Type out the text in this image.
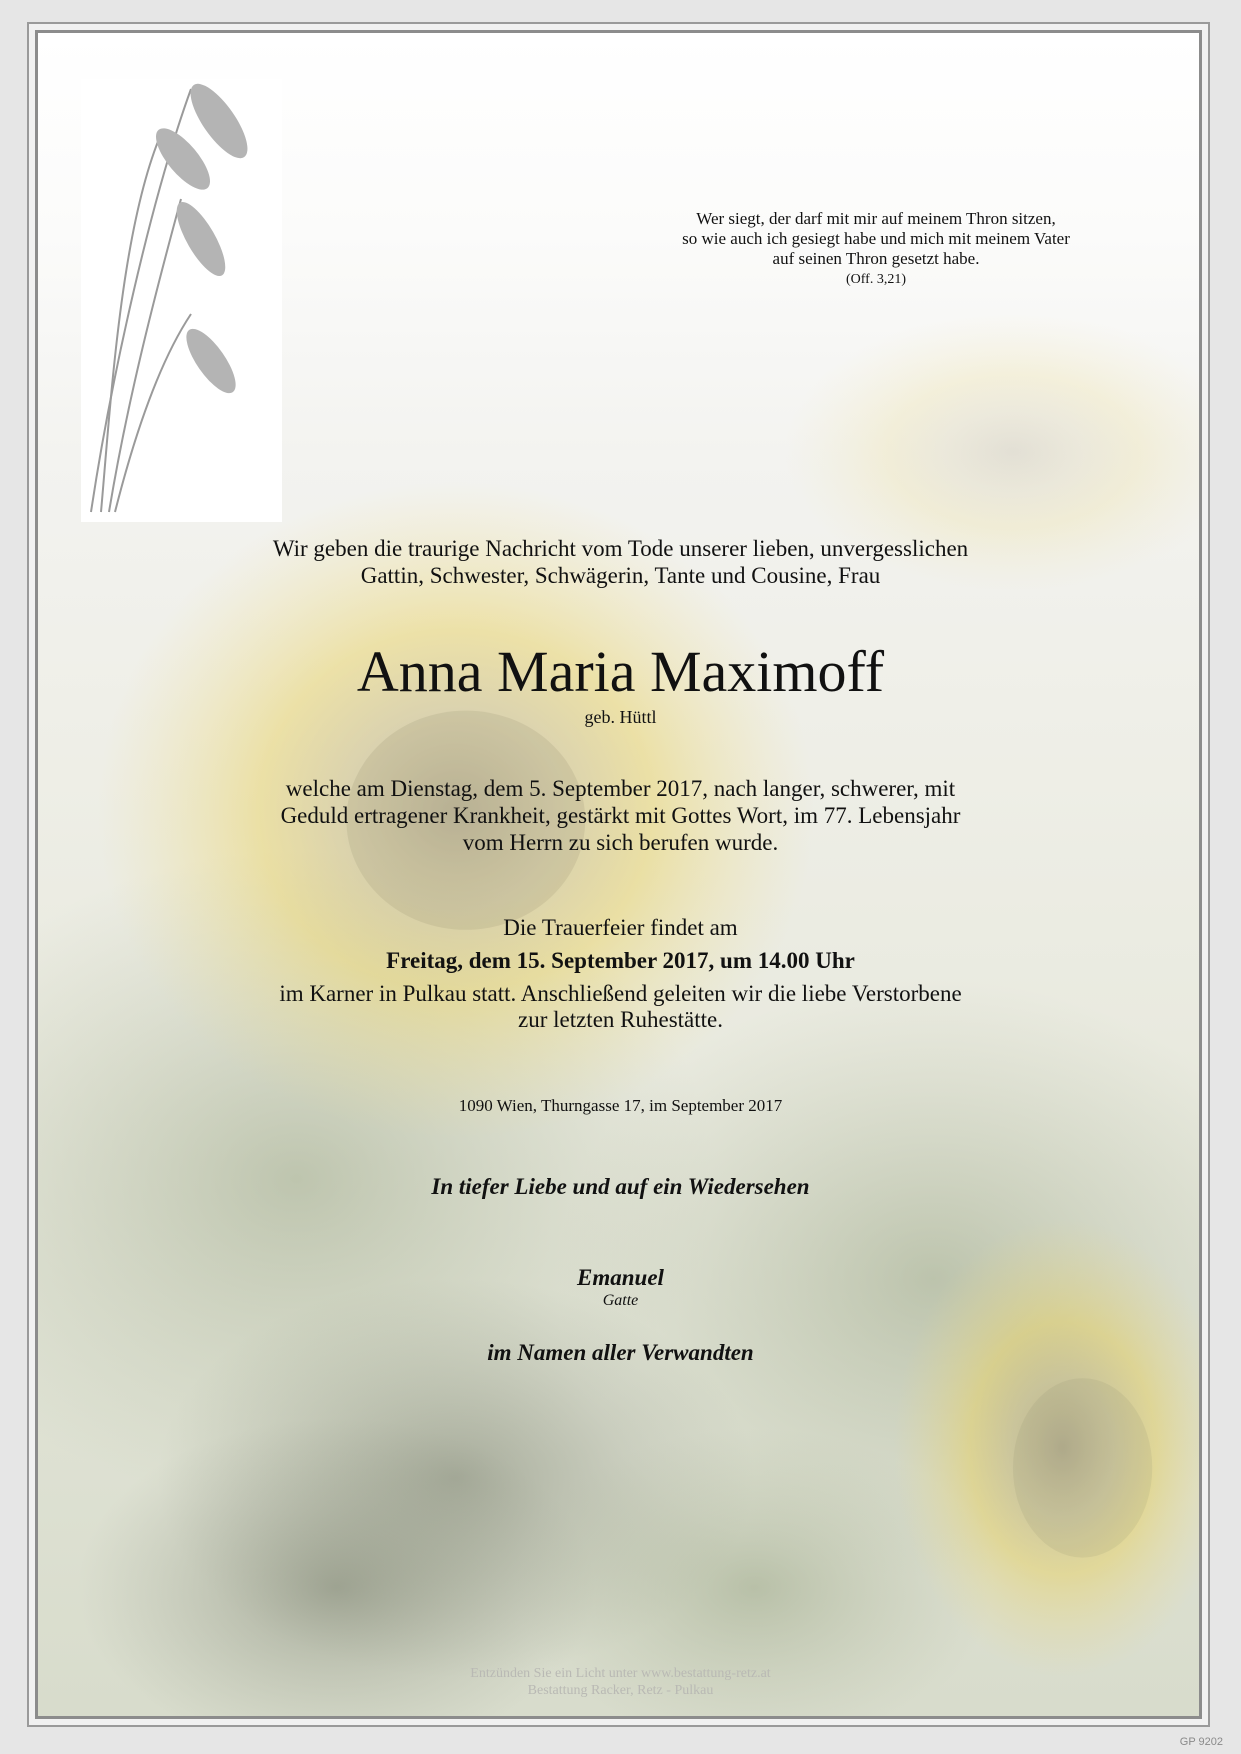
Wer siegt, der darf mit mir auf meinem Thron sitzen,
so wie auch ich gesiegt habe und mich mit meinem Vater
auf seinen Thron gesetzt habe.
(Off. 3,21)
Wir geben die traurige Nachricht vom Tode unserer lieben, unvergesslichen
Gattin, Schwester, Schwägerin, Tante und Cousine, Frau
Anna Maria Maximoff
geb. Hüttl
welche am Dienstag, dem 5. September 2017, nach langer, schwerer, mit
Geduld ertragener Krankheit, gestärkt mit Gottes Wort, im 77. Lebensjahr
vom Herrn zu sich berufen wurde.
Die Trauerfeier findet am
Freitag, dem 15. September 2017, um 14.00 Uhr
im Karner in Pulkau statt. Anschließend geleiten wir die liebe Verstorbene
zur letzten Ruhestätte.
1090 Wien, Thurngasse 17, im September 2017
In tiefer Liebe und auf ein Wiedersehen
Emanuel
Gatte
im Namen aller Verwandten
Entzünden Sie ein Licht unter www.bestattung-retz.at
Bestattung Racker, Retz - Pulkau
GP 9202
